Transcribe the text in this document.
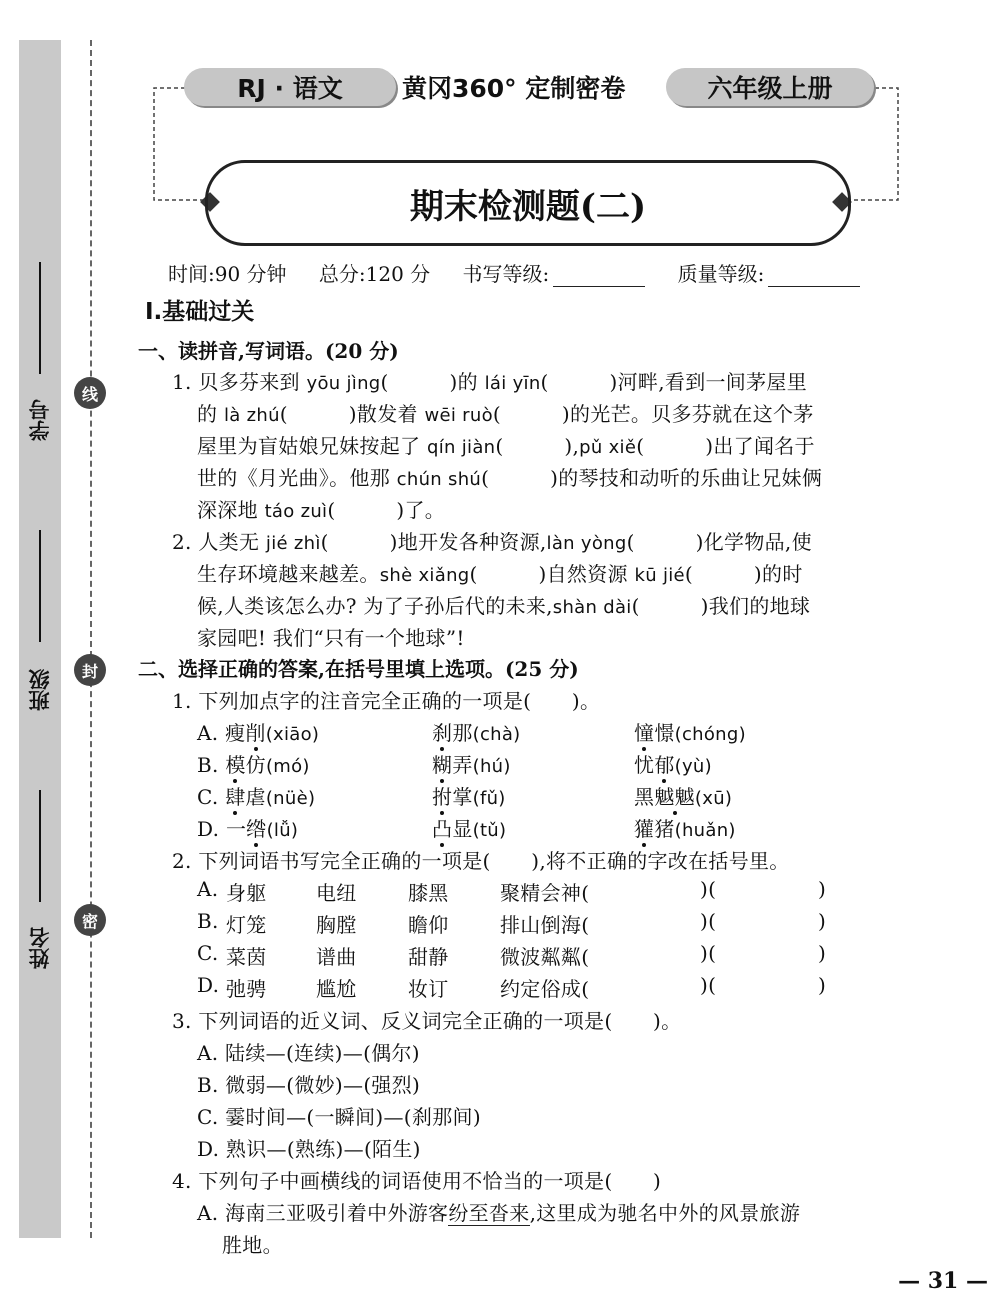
学号
班级
姓名
线
封
密
RJ · 语文	黄冈360° 定制密卷	六年级上册
期末检测题(二)
时间:90 分钟 总分:120 分 书写等级:	质量等级:
Ⅰ.基础过关
一、读拼音,写词语。(20 分)
1. 贝多芬来到 yōu jìng(　　　)的 lái yīn(　　　)河畔,看到一间茅屋里
的 là zhú(　　　)散发着 wēi ruò(　　　)的光芒。贝多芬就在这个茅
屋里为盲姑娘兄妹按起了 qín jiàn(　　　),pǔ xiě(　　　)出了闻名于
世的《月光曲》。他那 chún shú(　　　)的琴技和动听的乐曲让兄妹俩
深深地 táo zuì(　　　)了。
2. 人类无 jié zhì(　　　)地开发各种资源,làn yòng(　　　)化学物品,使
生存环境越来越差。shè xiǎng(　　　)自然资源 kū jié(　　　)的时
候,人类该怎么办? 为了子孙后代的未来,shàn dài(　　　)我们的地球
家园吧! 我们“只有一个地球”!
二、选择正确的答案,在括号里填上选项。(25 分)
1. 下列加点字的注音完全正确的一项是(　　)。
A. 瘦削(xiāo)	刹那(chà)	憧憬(chóng)
B. 模仿(mó)	糊弄(hú)	忧郁(yù)
C. 肆虐(nüè)	拊掌(fǔ)	黑魆魆(xū)
D. 一绺(lǚ)	凸显(tǔ)	獾猪(huǎn)
2. 下列词语书写完全正确的一项是(　　),将不正确的字改在括号里。
A. 身躯 电纽	膝黑	聚精会神(	)(	)
B. 灯笼 胸膛	瞻仰	排山倒海(	)(	)
C. 菜茵 谱曲	甜静	微波粼粼(	)(	)
D. 弛骋 尴尬	妆订	约定俗成(	)(	)
3. 下列词语的近义词、反义词完全正确的一项是(　　)。
A. 陆续—(连续)—(偶尔)
B. 微弱—(微妙)—(强烈)
C. 霎时间—(一瞬间)—(刹那间)
D. 熟识—(熟练)—(陌生)
4. 下列句子中画横线的词语使用不恰当的一项是(　　)
A. 海南三亚吸引着中外游客纷至沓来,这里成为驰名中外的风景旅游
胜地。
— 31 —
